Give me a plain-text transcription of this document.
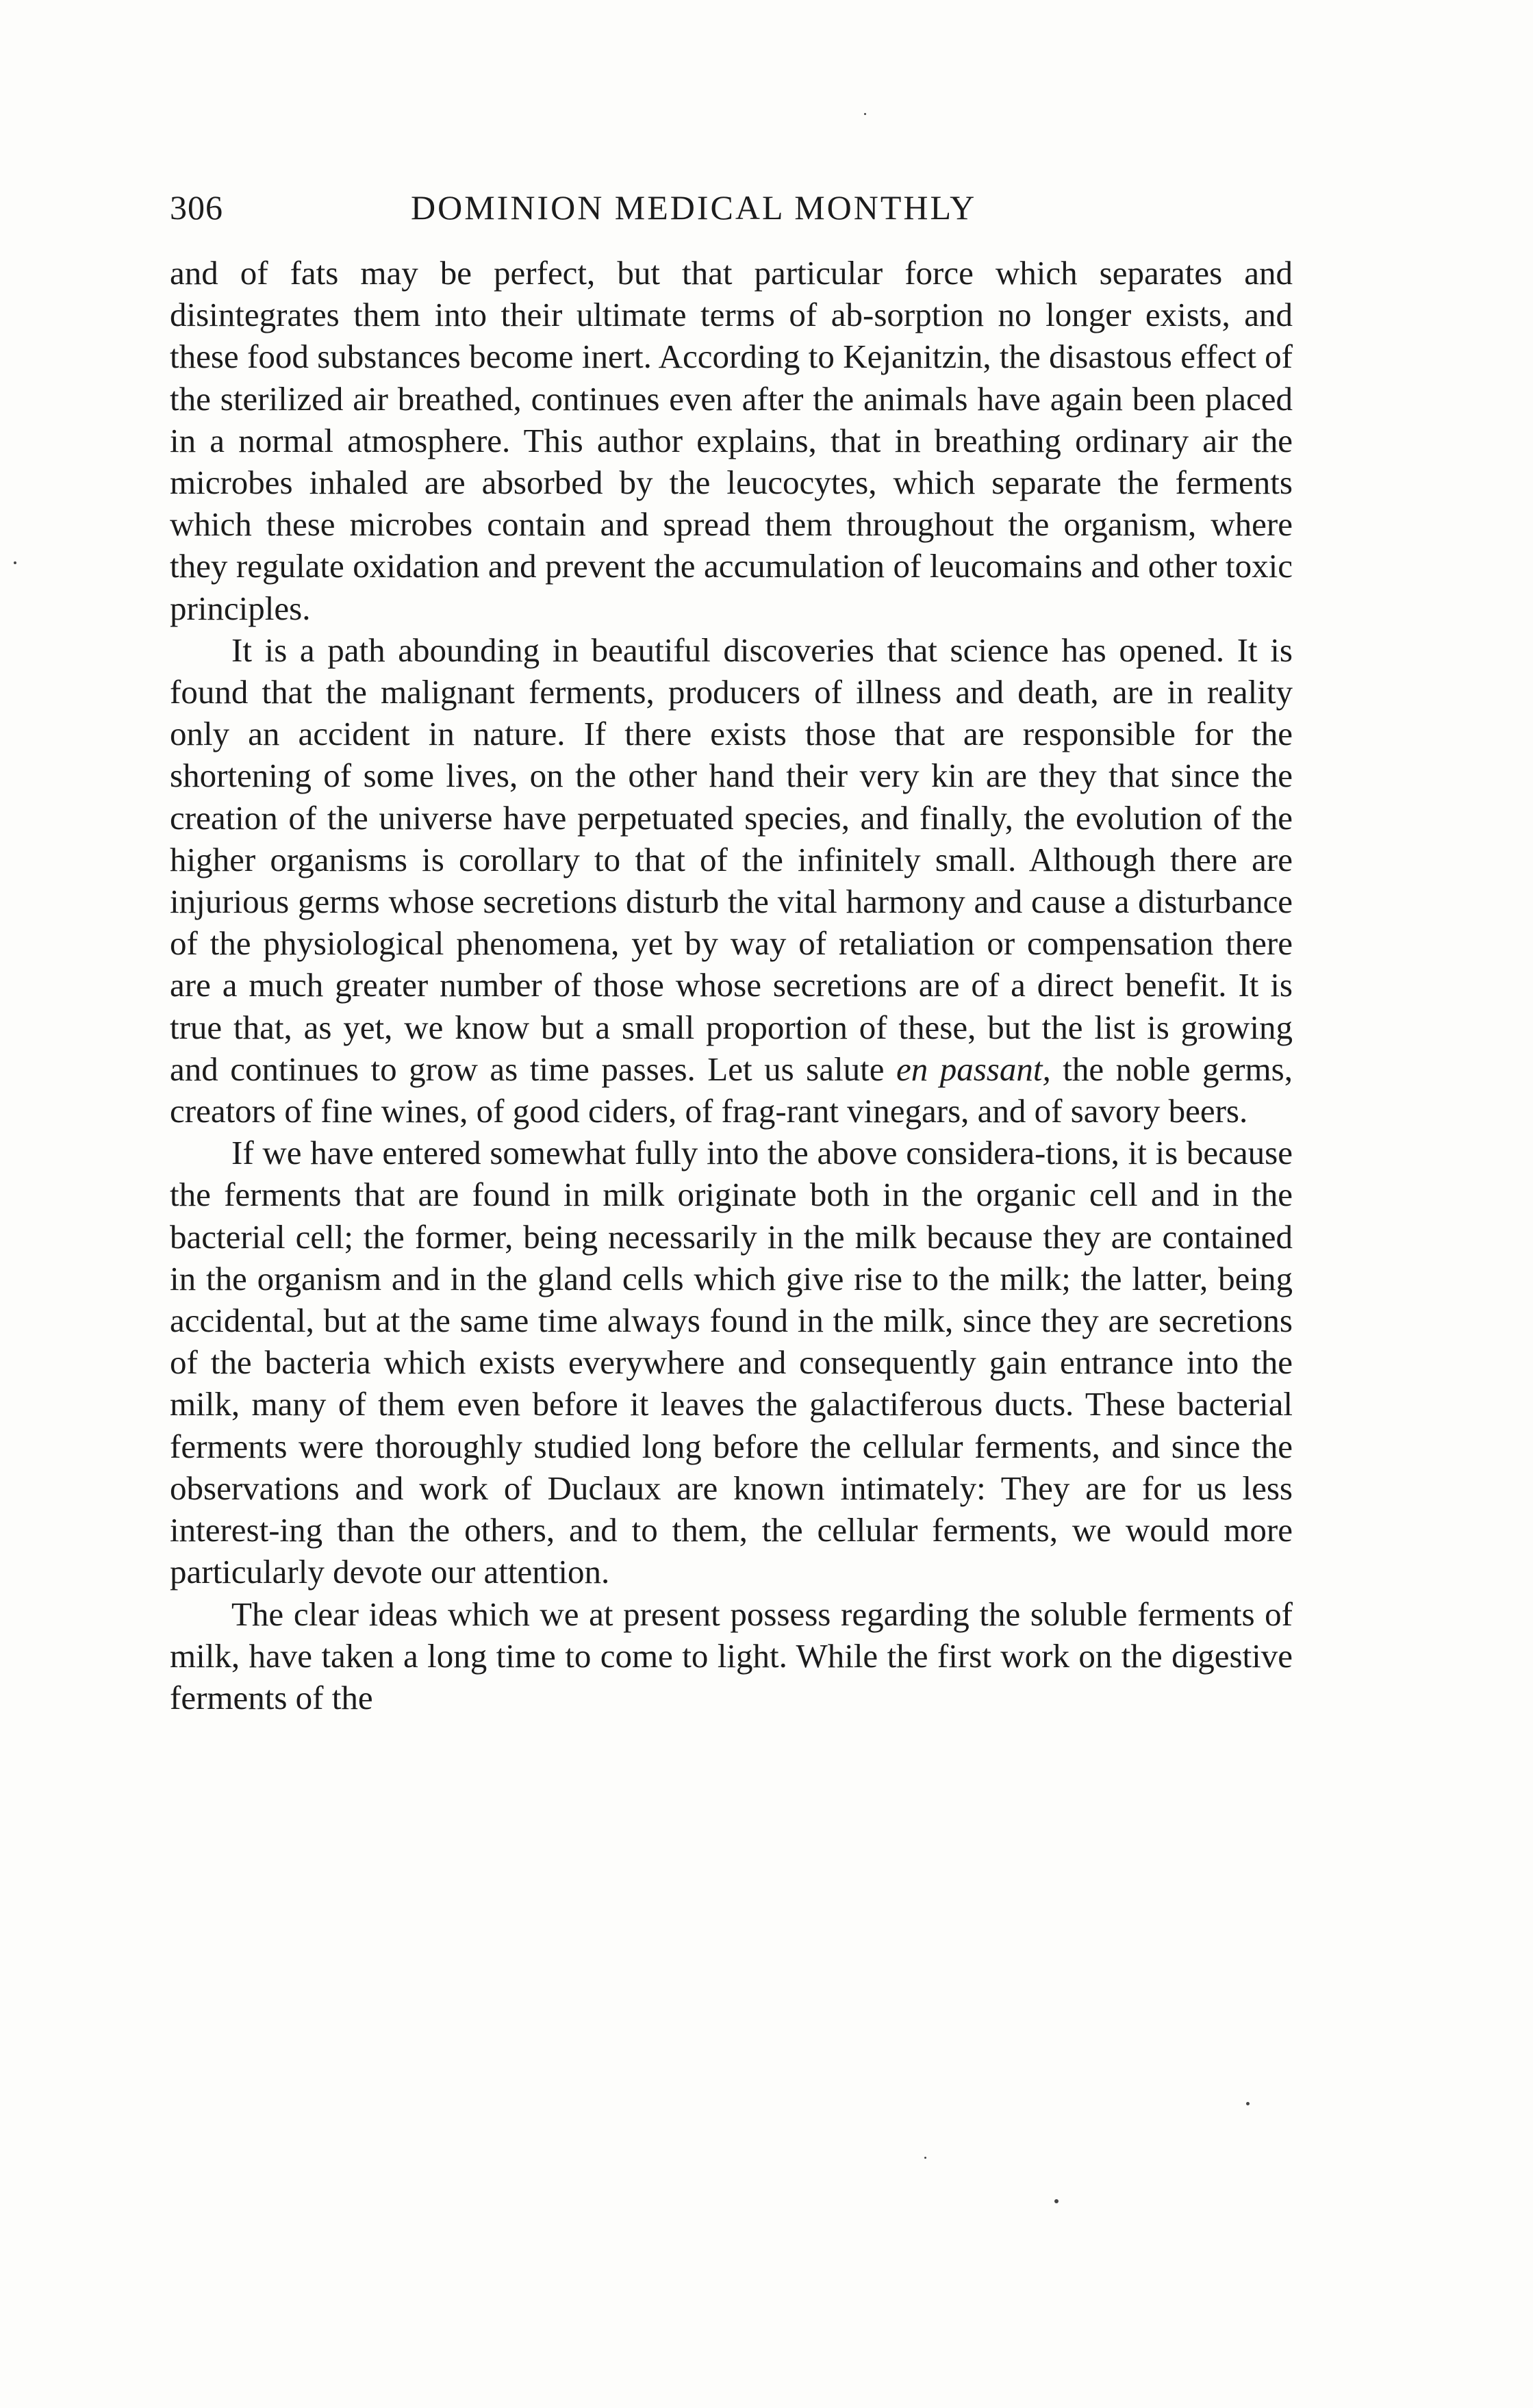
306	DOMINION MEDICAL MONTHLY

and of fats may be perfect, but that particular force which separates and disintegrates them into their ultimate terms of ab-sorption no longer exists, and these food substances become inert. According to Kejanitzin, the disastous effect of the sterilized air breathed, continues even after the animals have again been placed in a normal atmosphere. This author explains, that in breathing ordinary air the microbes inhaled are absorbed by the leucocytes, which separate the ferments which these microbes contain and spread them throughout the organism, where they regulate oxidation and prevent the accumulation of leucomains and other toxic principles.

It is a path abounding in beautiful discoveries that science has opened. It is found that the malignant ferments, producers of illness and death, are in reality only an accident in nature. If there exists those that are responsible for the shortening of some lives, on the other hand their very kin are they that since the creation of the universe have perpetuated species, and finally, the evolution of the higher organisms is corollary to that of the infinitely small. Although there are injurious germs whose secretions disturb the vital harmony and cause a disturbance of the physiological phenomena, yet by way of retaliation or compensation there are a much greater number of those whose secretions are of a direct benefit. It is true that, as yet, we know but a small proportion of these, but the list is growing and continues to grow as time passes. Let us salute en passant, the noble germs, creators of fine wines, of good ciders, of frag-rant vinegars, and of savory beers.

If we have entered somewhat fully into the above considera-tions, it is because the ferments that are found in milk originate both in the organic cell and in the bacterial cell; the former, being necessarily in the milk because they are contained in the organism and in the gland cells which give rise to the milk; the latter, being accidental, but at the same time always found in the milk, since they are secretions of the bacteria which exists everywhere and consequently gain entrance into the milk, many of them even before it leaves the galactiferous ducts. These bacterial ferments were thoroughly studied long before the cellular ferments, and since the observations and work of Duclaux are known intimately: They are for us less interest-ing than the others, and to them, the cellular ferments, we would more particularly devote our attention.

The clear ideas which we at present possess regarding the soluble ferments of milk, have taken a long time to come to light. While the first work on the digestive ferments of the
